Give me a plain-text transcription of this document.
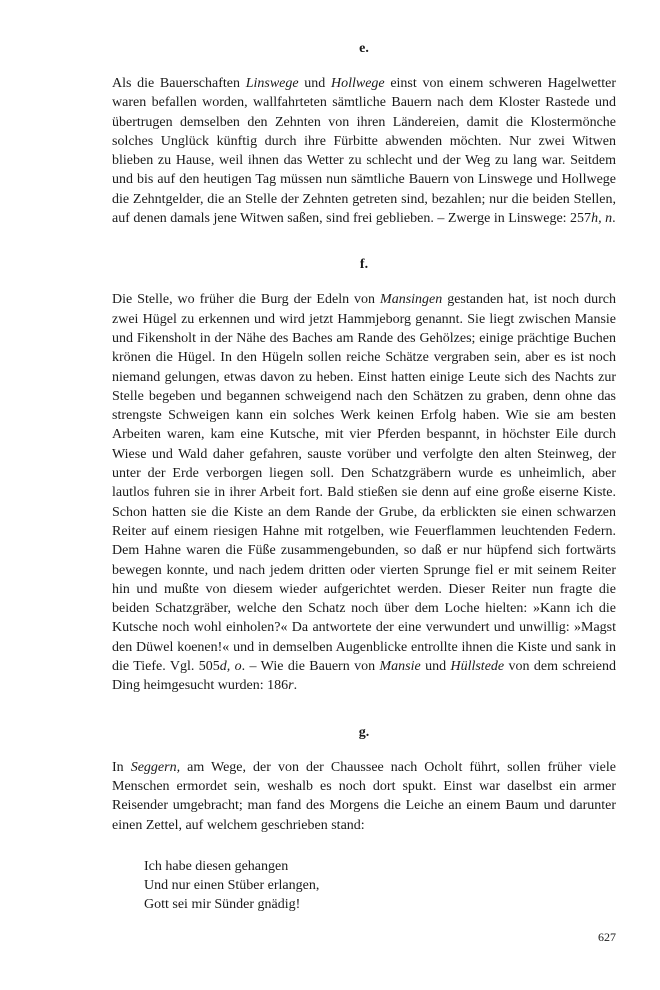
e.

Als die Bauerschaften Linswege und Hollwege einst von einem schweren Hagelwetter waren befallen worden, wallfahrteten sämtliche Bauern nach dem Kloster Rastede und übertrugen demselben den Zehnten von ihren Ländereien, damit die Klostermönche solches Unglück künftig durch ihre Fürbitte abwenden möchten. Nur zwei Witwen blieben zu Hause, weil ihnen das Wetter zu schlecht und der Weg zu lang war. Seitdem und bis auf den heutigen Tag müssen nun sämtliche Bauern von Linswege und Hollwege die Zehntgelder, die an Stelle der Zehnten getreten sind, bezahlen; nur die beiden Stellen, auf denen damals jene Witwen saßen, sind frei geblieben. – Zwerge in Linswege: 257h, n.

f.

Die Stelle, wo früher die Burg der Edeln von Mansingen gestanden hat, ist noch durch zwei Hügel zu erkennen und wird jetzt Hammjeborg genannt. Sie liegt zwischen Mansie und Fikensholt in der Nähe des Baches am Rande des Gehölzes; einige prächtige Buchen krönen die Hügel. In den Hügeln sollen reiche Schätze vergraben sein, aber es ist noch niemand gelungen, etwas davon zu heben. Einst hatten einige Leute sich des Nachts zur Stelle begeben und begannen schweigend nach den Schätzen zu graben, denn ohne das strengste Schweigen kann ein solches Werk keinen Erfolg haben. Wie sie am besten Arbeiten waren, kam eine Kutsche, mit vier Pferden bespannt, in höchster Eile durch Wiese und Wald daher gefahren, sauste vorüber und verfolgte den alten Steinweg, der unter der Erde verborgen liegen soll. Den Schatzgräbern wurde es unheimlich, aber lautlos fuhren sie in ihrer Arbeit fort. Bald stießen sie denn auf eine große eiserne Kiste. Schon hatten sie die Kiste an dem Rande der Grube, da erblickten sie einen schwarzen Reiter auf einem riesigen Hahne mit rotgelben, wie Feuerflammen leuchtenden Federn. Dem Hahne waren die Füße zusammengebunden, so daß er nur hüpfend sich fortwärts bewegen konnte, und nach jedem dritten oder vierten Sprunge fiel er mit seinem Reiter hin und mußte von diesem wieder aufgerichtet werden. Dieser Reiter nun fragte die beiden Schatzgräber, welche den Schatz noch über dem Loche hielten: »Kann ich die Kutsche noch wohl einholen?« Da antwortete der eine verwundert und unwillig: »Magst den Düwel koenen!« und in demselben Augenblicke entrollte ihnen die Kiste und sank in die Tiefe. Vgl. 505d, o. – Wie die Bauern von Mansie und Hüllstede von dem schreiend Ding heimgesucht wurden: 186r.

g.

In Seggern, am Wege, der von der Chaussee nach Ocholt führt, sollen früher viele Menschen ermordet sein, weshalb es noch dort spukt. Einst war daselbst ein armer Reisender umgebracht; man fand des Morgens die Leiche an einem Baum und darunter einen Zettel, auf welchem geschrieben stand:

Ich habe diesen gehangen
Und nur einen Stüber erlangen,
Gott sei mir Sünder gnädig!
627
